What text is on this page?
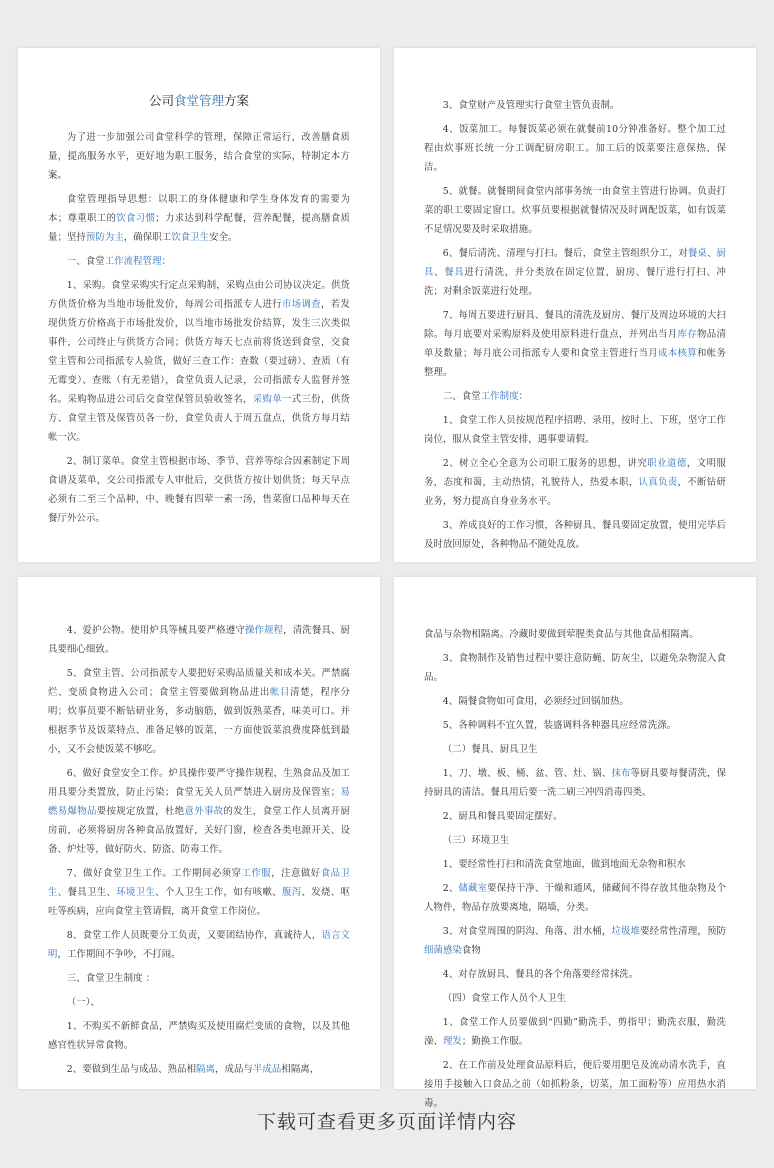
公司食堂管理方案
为了进一步加强公司食堂科学的管理，保障正常运行，改善膳食质量，提高服务水平，更好地为职工服务，结合食堂的实际，特制定本方案。
食堂管理指导思想：以职工的身体健康和学生身体发育的需要为本；尊重职工的饮食习惯；力求达到科学配餐，营养配餐，提高膳食质量；坚持预防为主，确保职工饮食卫生安全。
一、食堂工作流程管理：
1、采购。食堂采购实行定点采购制，采购点由公司协议决定。供货方供货价格为当地市场批发价，每周公司指派专人进行市场调查，若发现供货方价格高于市场批发价，以当地市场批发价结算，发生三次类似事件，公司终止与供货方合同；供货方每天七点前将货送到食堂，交食堂主管和公司指派专人验货，做好三查工作：查数（要过磅）、查质（有无霉变）、查账（有无差错），食堂负责人记录，公司指派专人监督并签名。采购物品进公司后交食堂保管员验收签名，采购单一式三份，供货方、食堂主管及保管员各一份，食堂负责人于周五盘点，供货方每月结帐一次。
2、制订菜单。食堂主管根据市场、季节、营养等综合因素制定下周食谱及菜单，交公司指派专人审批后，交供货方按计划供货；每天早点必须有二至三个品种，中、晚餐有四荤一素一汤，售菜窗口品种每天在餐厅外公示。
3、食堂财产及管理实行食堂主管负责制。
4、饭菜加工。每餐饭菜必须在就餐前10分钟准备好。整个加工过程由炊事班长统一分工调配厨房职工。加工后的饭菜要注意保热、保洁。
5、就餐。就餐期间食堂内部事务统一由食堂主管进行协调。负责打菜的职工要固定窗口。炊事员要根据就餐情况及时调配饭菜，如有饭菜不足情况要及时采取措施。
6、餐后清洗、清理与打扫。餐后，食堂主管组织分工，对餐桌、厨具、餐具进行清洗，并分类放在固定位置，厨房、餐厅进行打扫、冲洗；对剩余饭菜进行处理。
7、每周五要进行厨具、餐具的清洗及厨房、餐厅及周边环境的大扫除。每月底要对采购原料及使用原料进行盘点，并列出当月库存物品清单及数量；每月底公司指派专人要和食堂主管进行当月成本核算和帐务整理。
二、食堂工作制度：
1、食堂工作人员按规范程序招聘、录用，按时上、下班，坚守工作岗位，服从食堂主管安排，遇事要请假。
2、树立全心全意为公司职工服务的思想，讲究职业道德，文明服务，态度和蔼，主动热情，礼貌待人，热爱本职，认真负责，不断钻研业务，努力提高自身业务水平。
3、养成良好的工作习惯，各种厨具、餐具要固定放置，使用完毕后及时放回原处，各种物品不随处乱放。
4、爱护公物。使用炉具等械具要严格遵守操作规程，清洗餐具、厨具要细心细致。
5、食堂主管、公司指派专人要把好采购品质量关和成本关。严禁腐烂、变质食物进入公司；食堂主管要做到物品进出帐目清楚，程序分明；炊事员要不断钻研业务，多动脑筋，做到饭熟菜香，味美可口。并根据季节及饭菜特点、准备足够的饭菜，一方面使饭菜浪费度降低到最小，又不会使饭菜不够吃。
6、做好食堂安全工作。炉具操作要严守操作规程，生熟食品及加工用具要分类置放，防止污染；食堂无关人员严禁进入厨房及保管室；易燃易爆物品要按规定放置，杜绝意外事故的发生，食堂工作人员离开厨房前，必须将厨房各种食品放置好，关好门窗，检查各类电源开关、设备、炉灶等，做好防火、防盗、防毒工作。
7、做好食堂卫生工作。工作期间必须穿工作服，注意做好食品卫生、餐具卫生、环境卫生、个人卫生工作，如有咳嗽、腹泻、发烧、呕吐等疾病，应向食堂主管请假，离开食堂工作岗位。
8、食堂工作人员既要分工负责，又要团结协作，真诚待人，语言文明，工作期间不争吵，不打闹。
三、食堂卫生制度 ：
（一）、
1、不购买不新鲜食品，严禁购买及使用腐烂变质的食物，以及其他感官性状异常食物。
2、要做到生品与成品、熟品相隔离，成品与半成品相隔离，
食品与杂物相隔离。冷藏时要做到荤腥类食品与其他食品相隔离。
3、食物制作及销售过程中要注意防蝇、防灰尘，以避免杂物混入食品。
4、隔餐食物如可食用，必须经过回锅加热。
5、各种调料不宜久置，装盛调料各种器具应经常洗涤。
（二）餐具、厨具卫生
1、刀、墩、板、桶、盆、管、灶、锅、抹布等厨具要每餐清洗，保持厨具的清洁。餐具用后要一洗二刷三冲四消毒四类。
2、厨具和餐具要固定摆好。
（三）环境卫生
1、要经常性打扫和清洗食堂地面，做到地面无杂物和积水
2、储藏室要保持干净、干燥和通风，储藏间不得存放其他杂物及个人物件，物品存放要离地，隔墙，分类。
3、对食堂周围的阴沟、角落、泔水桶，垃圾堆要经常性清理，预防细菌感染食物
4、对存放厨具、餐具的各个角落要经常抹洗。
（四）食堂工作人员个人卫生
1、食堂工作人员要做到“四勤”勤洗手、剪指甲；勤洗衣服，勤洗澡、理发；勤换工作服。
2、在工作前及处理食品原料后，便后要用肥皂及流动清水洗手，直接用手接触入口食品之前（如抓粉条，切菜，加工面粉等）应用热水消毒。
下载可查看更多页面详情内容
